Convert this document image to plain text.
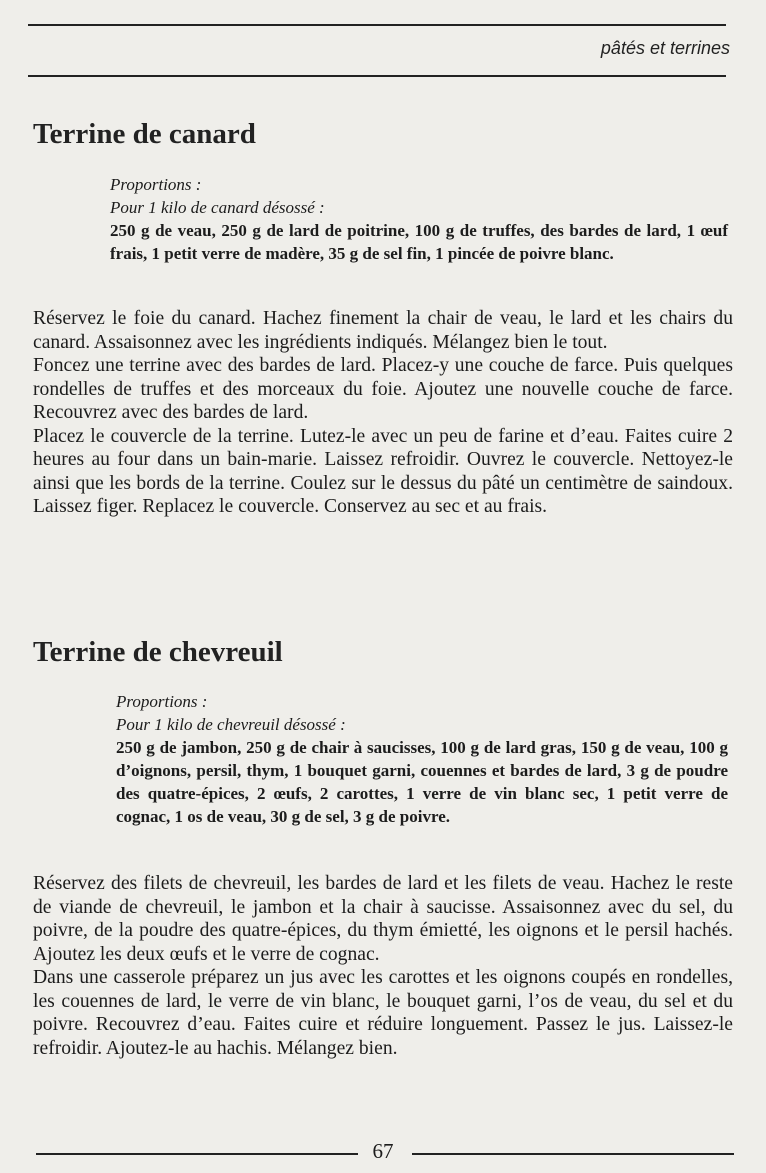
pâtés et terrines
Terrine de canard
Proportions :
Pour 1 kilo de canard désossé :
250 g de veau, 250 g de lard de poitrine, 100 g de truffes, des bardes de lard, 1 œuf frais, 1 petit verre de madère, 35 g de sel fin, 1 pincée de poivre blanc.

Réservez le foie du canard. Hachez finement la chair de veau, le lard et les chairs du canard. Assaisonnez avec les ingrédients indiqués. Mélangez bien le tout.

Foncez une terrine avec des bardes de lard. Placez-y une couche de farce. Puis quelques rondelles de truffes et des morceaux du foie. Ajoutez une nouvelle couche de farce. Recouvrez avec des bardes de lard.

Placez le couvercle de la terrine. Lutez-le avec un peu de farine et d’eau. Faites cuire 2 heures au four dans un bain-marie. Laissez refroidir. Ouvrez le couvercle. Nettoyez-le ainsi que les bords de la terrine. Coulez sur le dessus du pâté un centimètre de saindoux. Laissez figer. Replacez le couvercle. Conservez au sec et au frais.

Terrine de chevreuil
Proportions :
Pour 1 kilo de chevreuil désossé :
250 g de jambon, 250 g de chair à saucisses, 100 g de lard gras, 150 g de veau, 100 g d’oignons, persil, thym, 1 bouquet garni, couennes et bardes de lard, 3 g de poudre des quatre-épices, 2 œufs, 2 carottes, 1 verre de vin blanc sec, 1 petit verre de cognac, 1 os de veau, 30 g de sel, 3 g de poivre.

Réservez des filets de chevreuil, les bardes de lard et les filets de veau. Hachez le reste de viande de chevreuil, le jambon et la chair à saucisse. Assaisonnez avec du sel, du poivre, de la poudre des quatre-épices, du thym émietté, les oignons et le persil hachés. Ajoutez les deux œufs et le verre de cognac.

Dans une casserole préparez un jus avec les carottes et les oignons coupés en rondelles, les couennes de lard, le verre de vin blanc, le bouquet garni, l’os de veau, du sel et du poivre. Recouvrez d’eau. Faites cuire et réduire longuement. Passez le jus. Laissez-le refroidir. Ajoutez-le au hachis. Mélangez bien.

67
